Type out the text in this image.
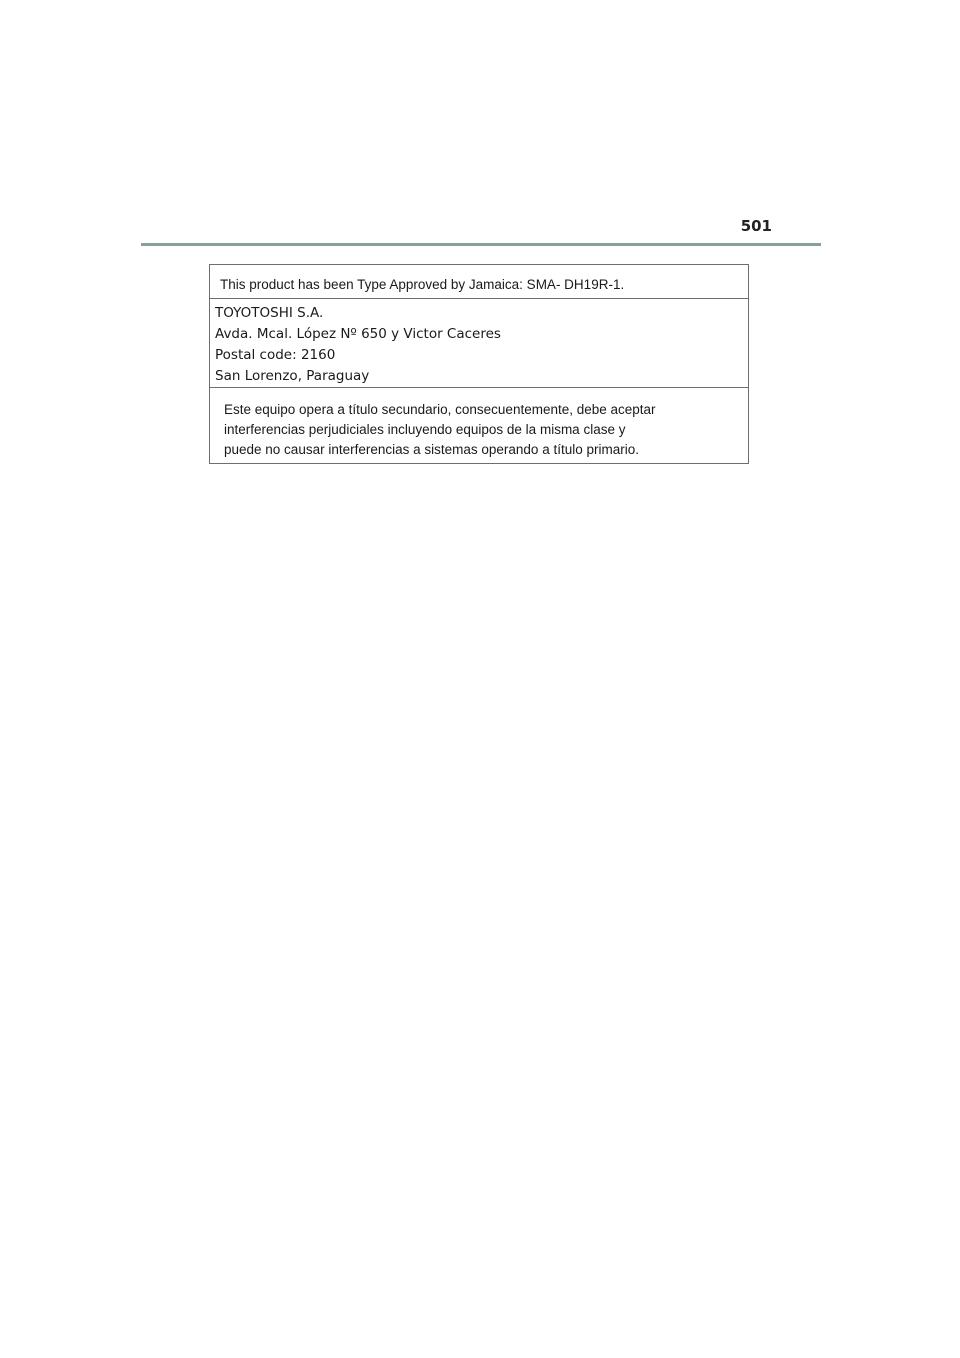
501
This product has been Type Approved by Jamaica: SMA- DH19R-1.
TOYOTOSHI S.A.
Avda. Mcal. López Nº 650 y Victor Caceres
Postal code: 2160
San Lorenzo, Paraguay
Este equipo opera a título secundario, consecuentemente, debe aceptar
interferencias perjudiciales incluyendo equipos de la misma clase y
puede no causar interferencias a sistemas operando a título primario.
